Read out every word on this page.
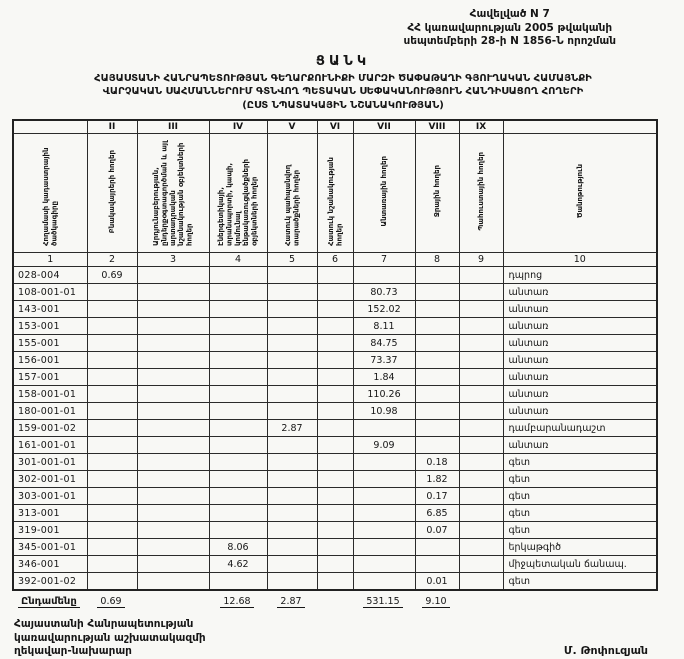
Հավելված N 7
ՀՀ կառավարության 2005 թվականի
սեպտեմբերի 28-ի N 1856-Ն որոշման
ՑԱՆԿ
ՀԱՅԱՍՏԱՆԻ ՀԱՆՐԱՊԵՏՈՒԹՅԱՆ ԳԵՂԱՐՔՈՒՆԻՔԻ ՄԱՐԶԻ ԾԱՓԱԹԱՂԻ ԳՅՈՒՂԱԿԱՆ ՀԱՄԱՅՆՔԻ
ՎԱՐՉԱԿԱՆ ՍԱՀՄԱՆՆԵՐՈՒՄ ԳՏՆՎՈՂ ՊԵՏԱԿԱՆ ՍԵՓԱԿԱՆՈՒԹՅՈՒՆ ՀԱՆԴԻՍԱՑՈՂ ՀՈՂԵՐԻ
(ԸՍՏ ՆՊԱՏԱԿԱՅԻՆ ՆՇԱՆԱԿՈՒԹՅԱՆ)
	II	III	IV	V	VI	VII	VIII	IX	
Հողամասի կադաստրային ծածկագիրը	Բնակավայրերի հողեր	Արդյունաբերության, ընդերքօգտագործման և այլ արտադրական նշանակության օբյեկտների հողեր	Էներգետիկայի, տրանսպորտի, կապի, կոմունալ ենթակառուցվածքների օբյեկտների հողեր	Հատուկ պահպանվող տարածքների հողեր	Հատուկ նշանակության հողեր	Անտառային հողեր	Ջրային հողեր	Պահուստային հողեր	Ծանոթություն
1	2	3	4	5	6	7	8	9	10
028-004	0.69								դպրոց
108-001-01						80.73			անտառ
143-001						152.02			անտառ
153-001						8.11			անտառ
155-001						84.75			անտառ
156-001						73.37			անտառ
157-001						1.84			անտառ
158-001-01						110.26			անտառ
180-001-01						10.98			անտառ
159-001-02				2.87					դամբարանադաշտ
161-001-01						9.09			անտառ
301-001-01							0.18		գետ
302-001-01							1.82		գետ
303-001-01							0.17		գետ
313-001							6.85		գետ
319-001							0.07		գետ
345-001-01			8.06						երկաթգիծ
346-001			4.62						միջպետական ճանապ.
392-001-02							0.01		գետ
Ընդամենը	0.69		12.68	2.87		531.15	9.10		
Հայաստանի Հանրապետության
կառավարության աշխատակազմի
ղեկավար-նախարար	Մ. Թոփուզյան
